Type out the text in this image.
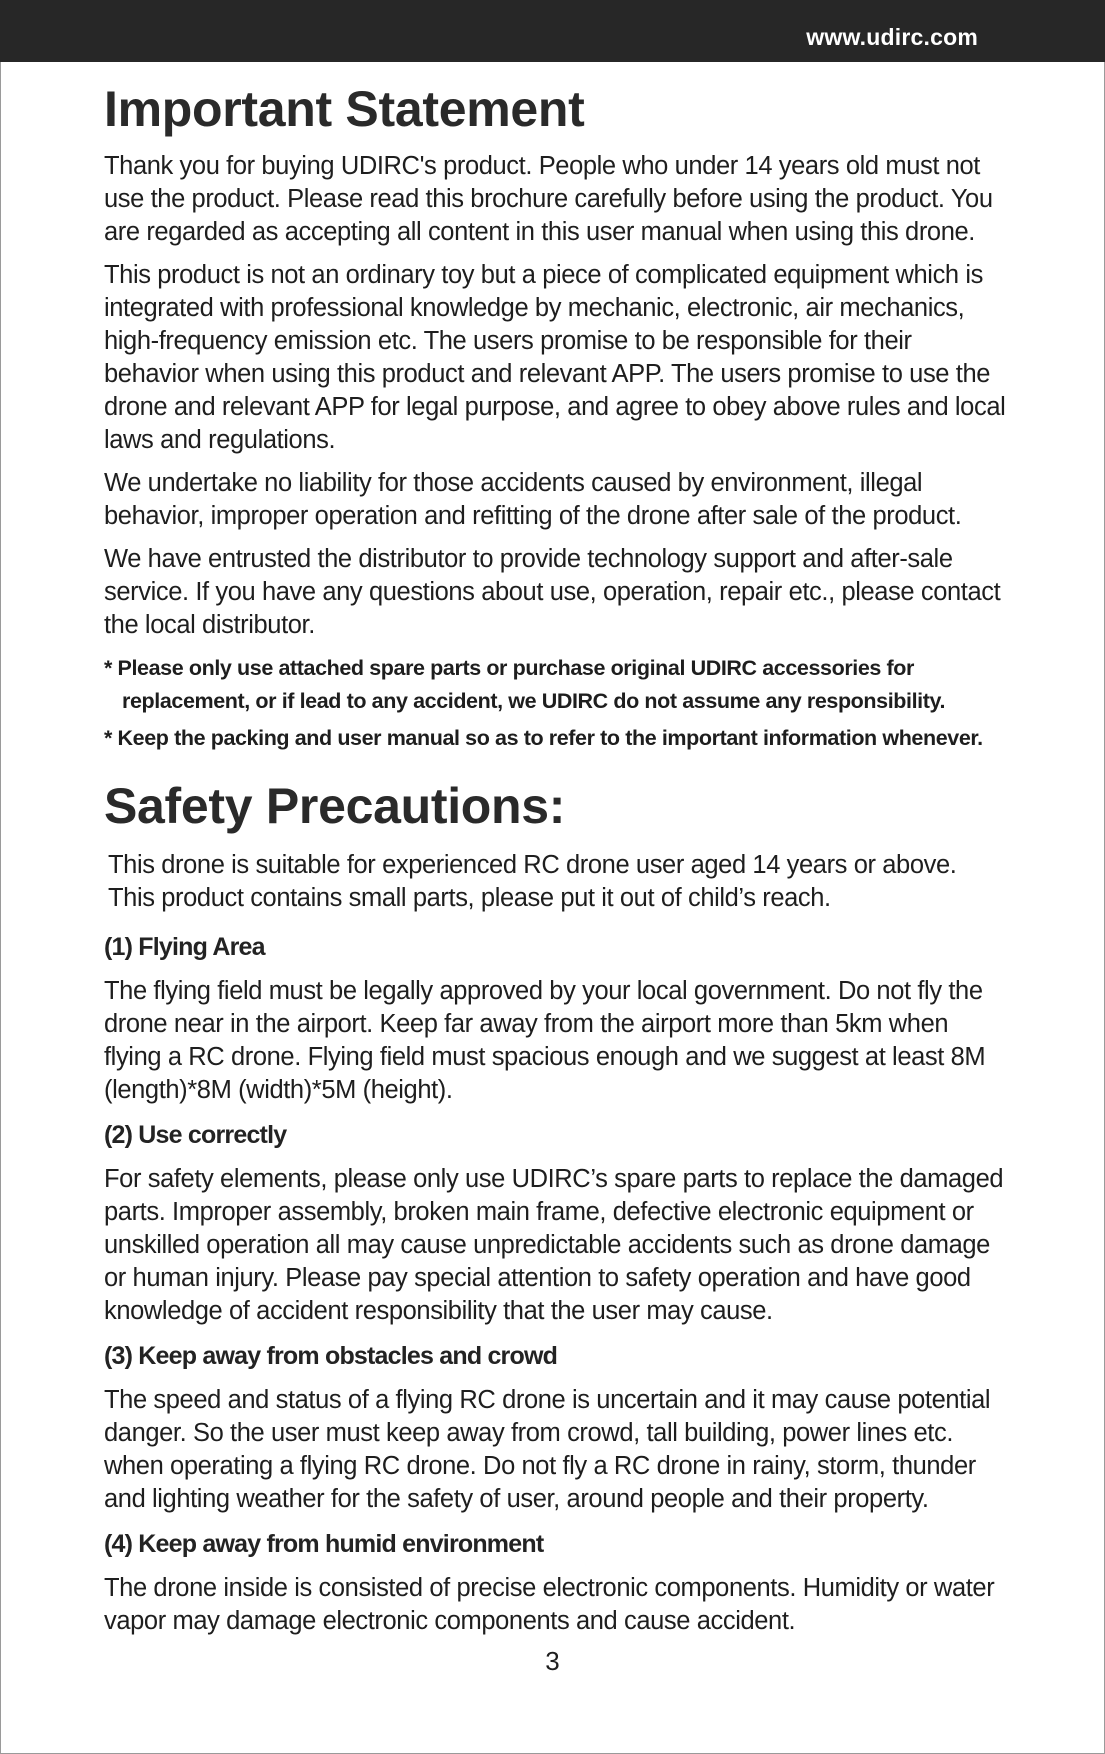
www.udirc.com
Important Statement

Thank you for buying UDIRC's product. People who under 14 years old must not use the product. Please read this brochure carefully before using the product. You are regarded as accepting all content in this user manual when using this drone.

This product is not an ordinary toy but a piece of complicated equipment which is integrated with professional knowledge by mechanic, electronic, air mechanics, high-frequency emission etc. The users promise to be responsible for their behavior when using this product and relevant APP. The users promise to use the drone and relevant APP for legal purpose, and agree to obey above rules and local laws and regulations.

We undertake no liability for those accidents caused by environment, illegal behavior, improper operation and refitting of the drone after sale of the product.

We have entrusted the distributor to provide technology support and after-sale service. If you have any questions about use, operation, repair etc., please contact the local distributor.

* Please only use attached spare parts or purchase original UDIRC accessories for replacement, or if lead to any accident, we UDIRC do not assume any responsibility.
* Keep the packing and user manual so as to refer to the important information whenever.
Safety Precautions:

This drone is suitable for experienced RC drone user aged 14 years or above.

This product contains small parts, please put it out of child’s reach.

(1) Flying Area

The flying field must be legally approved by your local government. Do not fly the drone near in the airport. Keep far away from the airport more than 5km when flying a RC drone. Flying field must spacious enough and we suggest at least 8M (length)*8M (width)*5M (height).

(2) Use correctly

For safety elements, please only use UDIRC’s spare parts to replace the damaged parts. Improper assembly, broken main frame, defective electronic equipment or unskilled operation all may cause unpredictable accidents such as drone damage or human injury. Please pay special attention to safety operation and have good knowledge of accident responsibility that the user may cause.

(3) Keep away from obstacles and crowd

The speed and status of a flying RC drone is uncertain and it may cause potential danger. So the user must keep away from crowd, tall building, power lines etc. when operating a flying RC drone. Do not fly a RC drone in rainy, storm, thunder and lighting weather for the safety of user, around people and their property.

(4) Keep away from humid environment

The drone inside is consisted of precise electronic components. Humidity or water vapor may damage electronic components and cause accident.

3
